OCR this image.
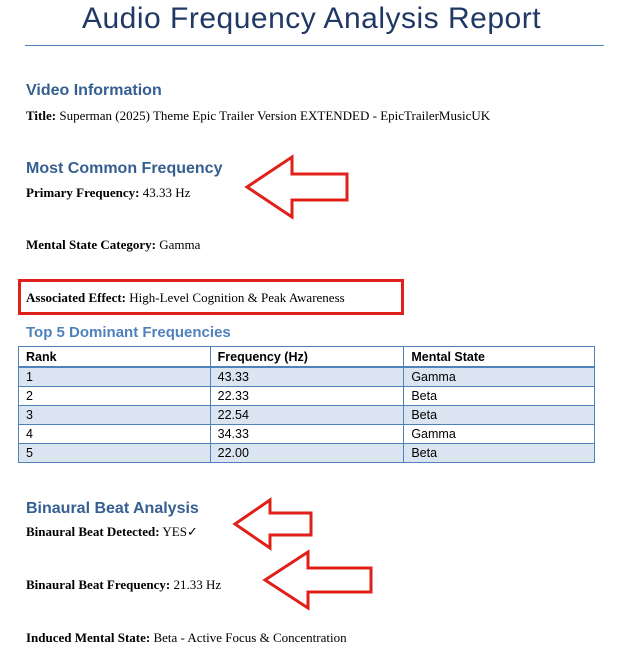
Audio Frequency Analysis Report
Video Information
Title: Superman (2025) Theme Epic Trailer Version EXTENDED - EpicTrailerMusicUK
Most Common Frequency
Primary Frequency: 43.33 Hz
Mental State Category: Gamma
Associated Effect: High-Level Cognition & Peak Awareness
Top 5 Dominant Frequencies
Rank	Frequency (Hz)	Mental State
1	43.33	Gamma
2	22.33	Beta
3	22.54	Beta
4	34.33	Gamma
5	22.00	Beta
Binaural Beat Analysis
Binaural Beat Detected: YES✓
Binaural Beat Frequency: 21.33 Hz
Induced Mental State: Beta - Active Focus & Concentration
